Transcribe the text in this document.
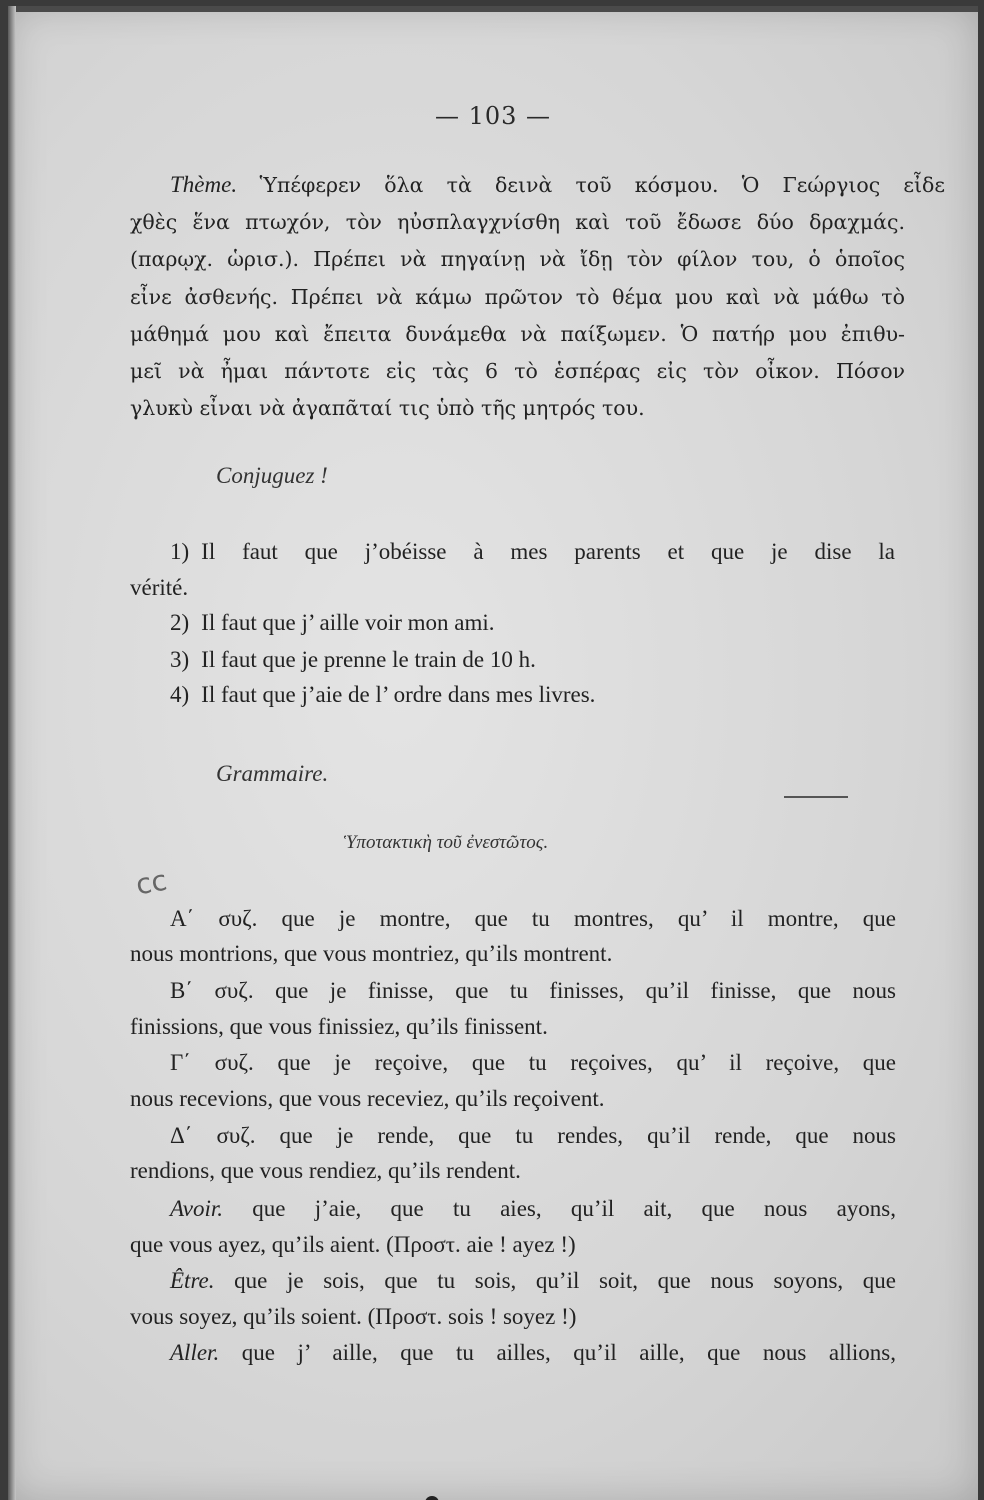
— 103 —
Thème. Ὑπέφερεν ὅλα τὰ δεινὰ τοῦ κόσμου. Ὁ Γεώργιος εἶδε
χθὲς ἕνα πτωχόν, τὸν ηὐσπλαγχνίσθη καὶ τοῦ ἔδωσε δύο δραχμάς.
(παρῳχ. ὡρισ.). Πρέπει νὰ πηγαίνῃ νὰ ἴδῃ τὸν φίλον του, ὁ ὁποῖος
εἶνε ἀσθενής. Πρέπει νὰ κάμω πρῶτον τὸ θέμα μου καὶ νὰ μάθω τὸ
μάθημά μου καὶ ἔπειτα δυνάμεθα νὰ παίξωμεν. Ὁ πατήρ μου ἐπιθυ-
μεῖ νὰ ἦμαι πάντοτε εἰς τὰς 6 τὸ ἑσπέρας εἰς τὸν οἶκον. Πόσον
γλυκὺ εἶναι νὰ ἀγαπᾶταί τις ὑπὸ τῆς μητρός του.
Conjuguez !
1) Il faut que j’obéisse à mes parents et que je dise la
vérité.
2) Il faut que j’ aille voir mon ami.
3) Il faut que je prenne le train de 10 h.
4) Il faut que j’aie de l’ ordre dans mes livres.
Grammaire.
Ὑποτακτικὴ τοῦ ἐνεστῶτος.
cc
Α΄ συζ. que je montre, que tu montres, qu’ il montre, que
nous montrions, que vous montriez, qu’ils montrent.
Β΄ συζ. que je finisse, que tu finisses, qu’il finisse, que nous
finissions, que vous finissiez, qu’ils finissent.
Γ΄ συζ. que je reçoive, que tu reçoives, qu’ il reçoive, que
nous recevions, que vous receviez, qu’ils reçoivent.
Δ΄ συζ. que je rende, que tu rendes, qu’il rende, que nous
rendions, que vous rendiez, qu’ils rendent.
Avoir. que j’aie, que tu aies, qu’il ait, que nous ayons,
que vous ayez, qu’ils aient. (Προστ. aie ! ayez !)
Être. que je sois, que tu sois, qu’il soit, que nous soyons, que
vous soyez, qu’ils soient. (Προστ. sois ! soyez !)
Aller. que j’ aille, que tu ailles, qu’il aille, que nous allions,
